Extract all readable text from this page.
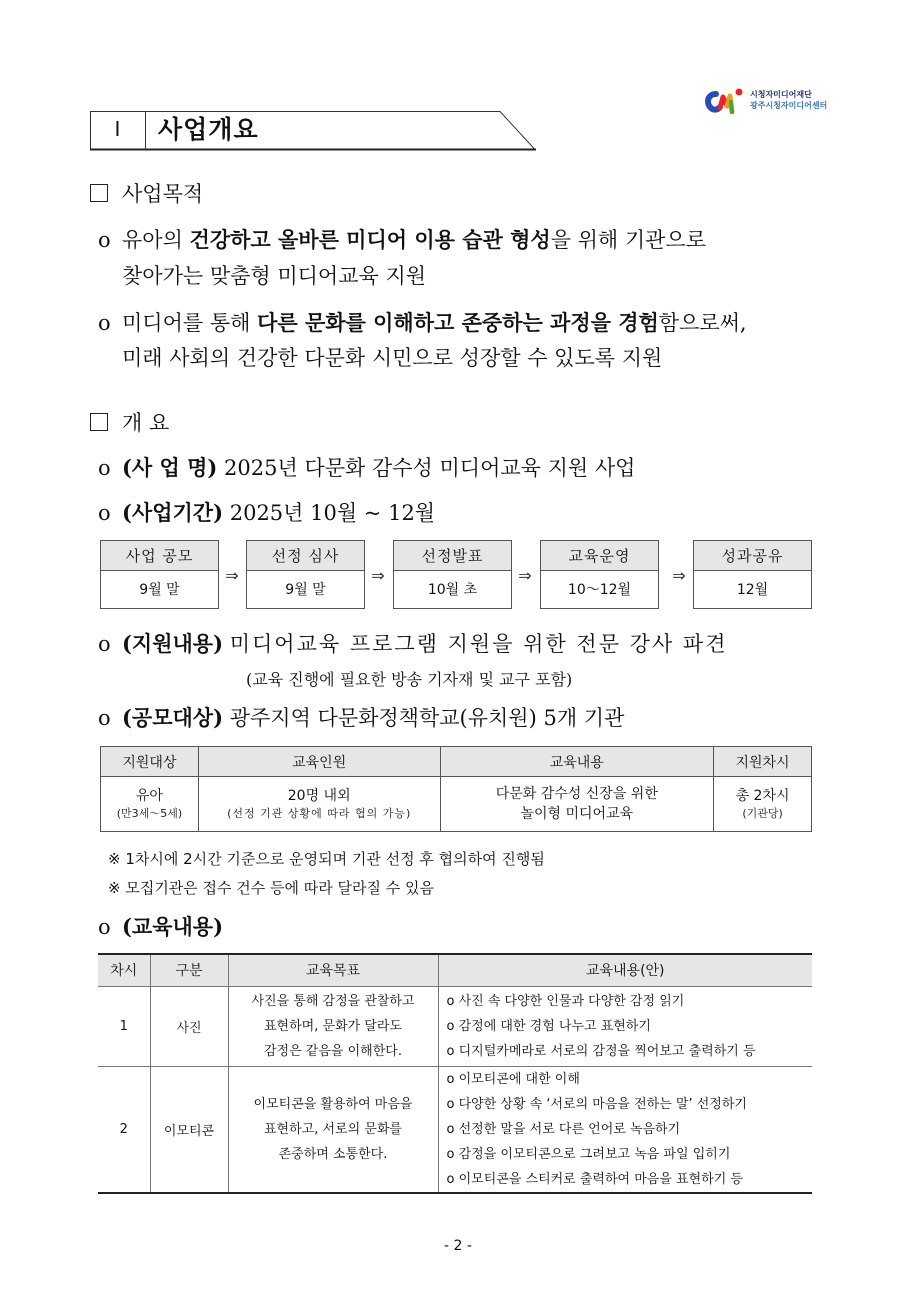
시청자미디어재단
광주시청자미디어센터
Ⅰ	사업개요
사업목적
o 유아의 건강하고 올바른 미디어 이용 습관 형성을 위해 기관으로
찾아가는 맞춤형 미디어교육 지원
o 미디어를 통해 다른 문화를 이해하고 존중하는 과정을 경험함으로써,
미래 사회의 건강한 다문화 시민으로 성장할 수 있도록 지원
개 요
o (사 업 명) 2025년 다문화 감수성 미디어교육 지원 사업
o (사업기간) 2025년 10월 ~ 12월
사업 공모
9월 말
⇒
선정 심사
9월 말
⇒
선정발표
10월 초
⇒
교육운영
10～12월
⇒
성과공유
12월
o (지원내용) 미디어교육 프로그램 지원을 위한 전문 강사 파견
(교육 진행에 필요한 방송 기자재 및 교구 포함)
o (공모대상) 광주지역 다문화정책학교(유치원) 5개 기관
지원대상	교육인원	교육내용	지원차시

유아
(만3세～5세)

20명 내외
(선정 기관 상황에 따라 협의 가능)

다문화 감수성 신장을 위한
놀이형 미디어교육

총 2차시
(기관당)
※ 1차시에 2시간 기준으로 운영되며 기관 선정 후 협의하여 진행됨
※ 모집기관은 접수 건수 등에 따라 달라질 수 있음
o (교육내용)
차시	구분	교육목표	교육내용(안)
1	사진	
사진을 통해 감정을 관찰하고
표현하며, 문화가 달라도
감정은 같음을 이해한다.

o 사진 속 다양한 인물과 다양한 감정 읽기
o 감정에 대한 경험 나누고 표현하기
o 디지털카메라로 서로의 감정을 찍어보고 출력하기 등

2	이모티콘	
이모티콘을 활용하여 마음을
표현하고, 서로의 문화를
존중하며 소통한다.

o 이모티콘에 대한 이해
o 다양한 상황 속 ‘서로의 마음을 전하는 말’ 선정하기
o 선정한 말을 서로 다른 언어로 녹음하기
o 감정을 이모티콘으로 그려보고 녹음 파일 입히기
o 이모티콘을 스티커로 출력하여 마음을 표현하기 등
- 2 -
